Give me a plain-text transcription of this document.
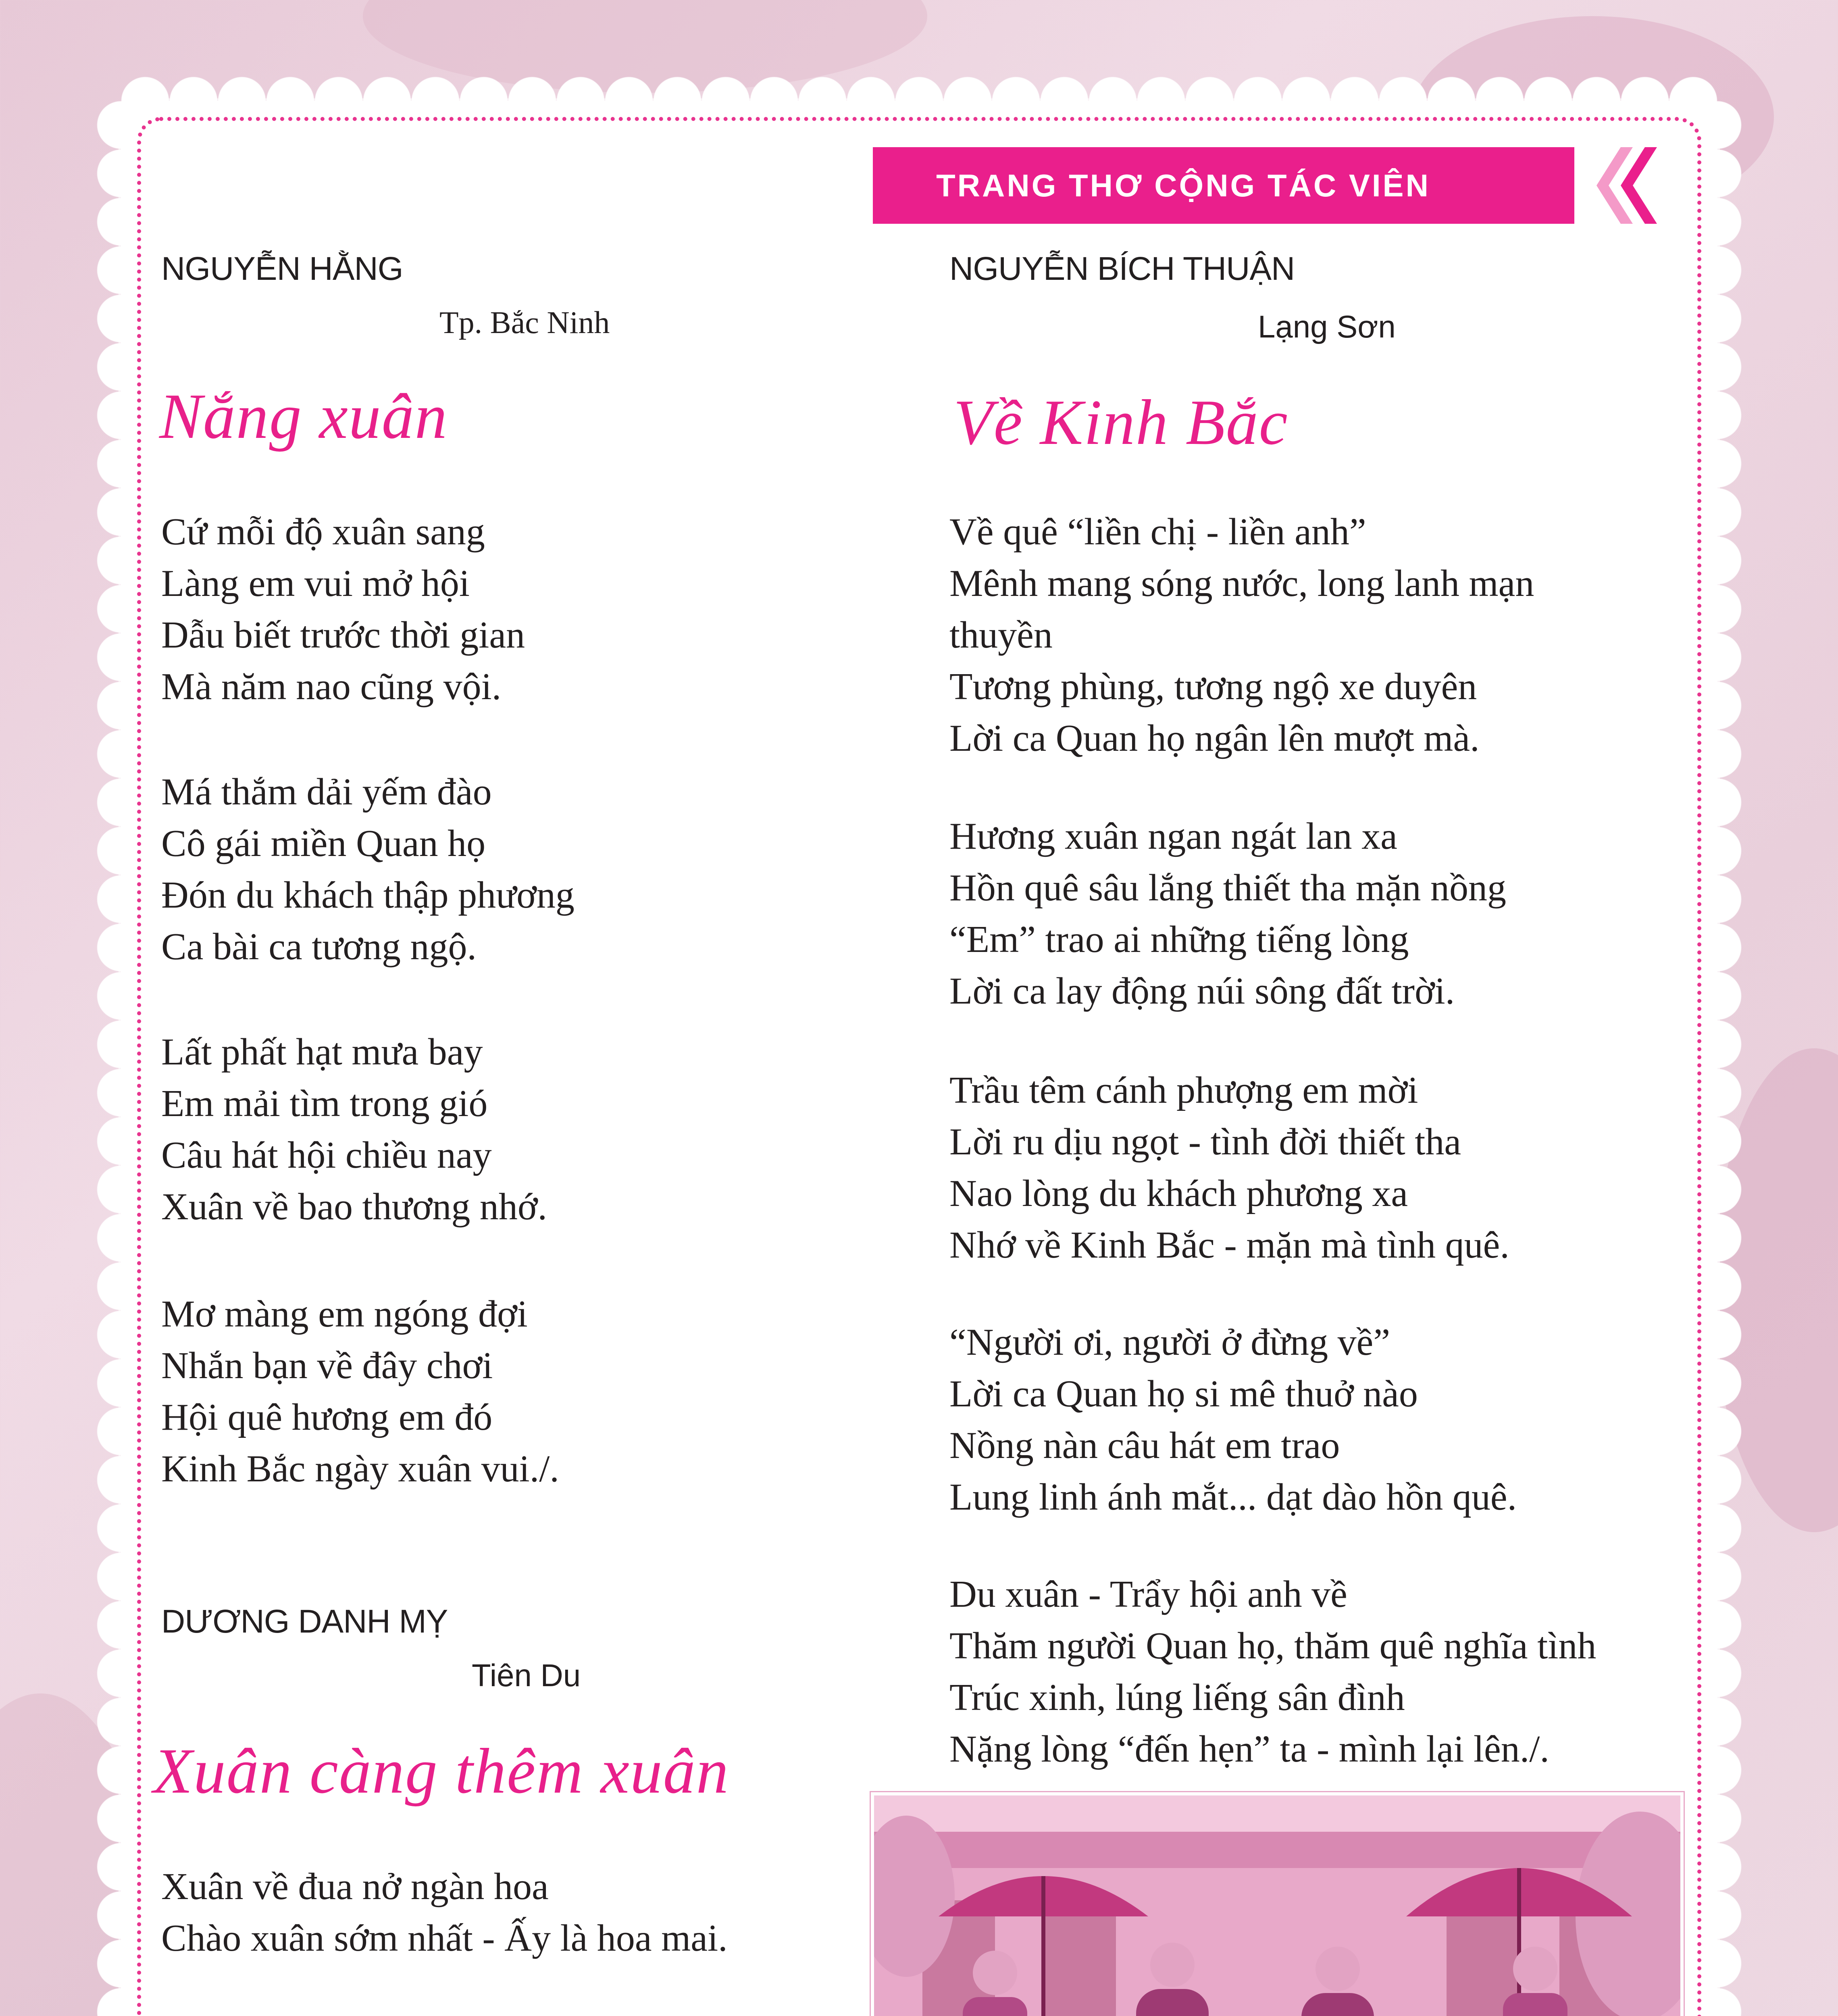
TRANG THƠ CỘNG TÁC VIÊN
NGUYỄN HẰNG
Tp. Bắc Ninh
Nắng xuân
Cứ mỗi độ xuân sang
Làng em vui mở hội
Dẫu biết trước thời gian
Mà năm nao cũng vội.
Má thắm dải yếm đào
Cô gái miền Quan họ
Đón du khách thập phương
Ca bài ca tương ngộ.
Lất phất hạt mưa bay
Em mải tìm trong gió
Câu hát hội chiều nay
Xuân về bao thương nhớ.
Mơ màng em ngóng đợi
Nhắn bạn về đây chơi
Hội quê hương em đó
Kinh Bắc ngày xuân vui./.
DƯƠNG DANH MỴ
Tiên Du
Xuân càng thêm xuân
Xuân về đua nở ngàn hoa
Chào xuân sớm nhất - Ấy là hoa mai.
NGUYỄN BÍCH THUẬN
Lạng Sơn
Về Kinh Bắc
Về quê “liền chị - liền anh”
Mênh mang sóng nước, long lanh mạn
thuyền
Tương phùng, tương ngộ xe duyên
Lời ca Quan họ ngân lên mượt mà.
Hương xuân ngan ngát lan xa
Hồn quê sâu lắng thiết tha mặn nồng
“Em” trao ai những tiếng lòng
Lời ca lay động núi sông đất trời.
Trầu têm cánh phượng em mời
Lời ru dịu ngọt - tình đời thiết tha
Nao lòng du khách phương xa
Nhớ về Kinh Bắc - mặn mà tình quê.
“Người ơi, người ở đừng về”
Lời ca Quan họ si mê thuở nào
Nồng nàn câu hát em trao
Lung linh ánh mắt... dạt dào hồn quê.
Du xuân - Trẩy hội anh về
Thăm người Quan họ, thăm quê nghĩa tình
Trúc xinh, lúng liếng sân đình
Nặng lòng “đến hẹn” ta - mình lại lên./.
